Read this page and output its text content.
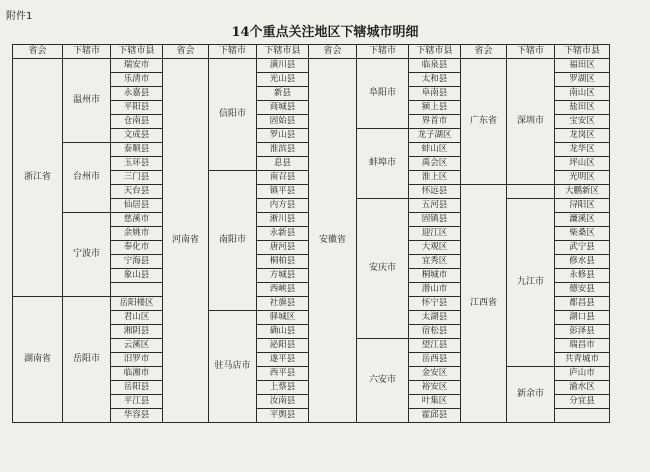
附件1
14个重点关注地区下辖城市明细
省会	下辖市	下辖市县	省会	下辖市	下辖市县	省会	下辖市	下辖市县	省会	下辖市	下辖市县
浙江省	温州市	瑞安市	河南省	信阳市	潢川县	安徽省	阜阳市	临泉县	广东省	深圳市	福田区
		乐清市			光山县			太和县			罗湖区
		永嘉县			新县			阜南县			南山区
		平阳县			商城县			颍上县			盐田区
		仓南县			固始县			界首市			宝安区
		文成县			罗山县		蚌埠市	龙子湖区			龙岗区
	台州市	泰顺县			淮滨县			蚌山区			龙华区
		玉环县			息县			禹会区			坪山区
		三门县		南阳市	南召县			淮上区			光明区
		天台县			镇平县			怀远县	江西省		大鹏新区
		仙居县			内方县		安庆市	五河县		九江市	浔阳区
	宁波市	慈溪市			淅川县			固镇县			濂溪区
		余姚市			永新县			迎江区			柴桑区
		奉化市			唐河县			大观区			武宁县
		宁海县			桐柏县			宜秀区			修水县
		象山县			方城县			桐城市			永修县
					西峡县			潜山市			德安县
湖南省	岳阳市	岳阳楼区			社旗县			怀宁县			都昌县
		君山区		驻马店市	驿城区			太湖县			湖口县
		湘阴县			确山县			宿松县			彭泽县
		云溪区			泌阳县		六安市	望江县			瑞昌市
		汨罗市			遂平县			岳西县			共青城市
		临湘市			西平县			金安区		新余市	庐山市
		岳阳县			上蔡县			裕安区			渝水区
		平江县			汝南县			叶集区			分宜县
		华容县			平舆县			霍邱县			
